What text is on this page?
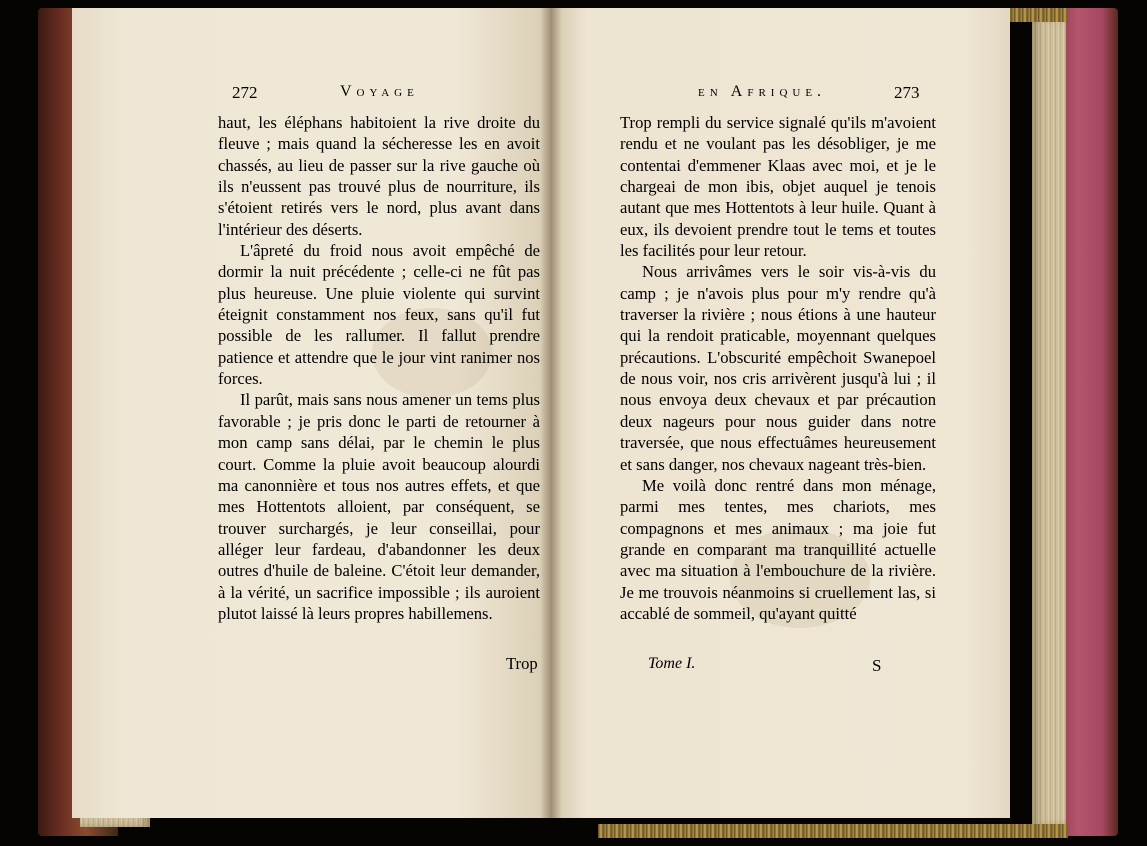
272	Voyage	en Afrique.	273

haut, les éléphans habitoient la rive droite du fleuve ; mais quand la sécheresse les en avoit chassés, au lieu de passer sur la rive gauche où ils n'eussent pas trouvé plus de nourriture, ils s'étoient retirés vers le nord, plus avant dans l'intérieur des déserts.

L'âpreté du froid nous avoit empêché de dormir la nuit précédente ; celle-ci ne fût pas plus heureuse. Une pluie violente qui survint éteignit constamment nos feux, sans qu'il fut possible de les rallumer. Il fallut prendre patience et attendre que le jour vint ranimer nos forces.

Il parût, mais sans nous amener un tems plus favorable ; je pris donc le parti de retourner à mon camp sans délai, par le chemin le plus court. Comme la pluie avoit beaucoup alourdi ma canonnière et tous nos autres effets, et que mes Hottentots alloient, par conséquent, se trouver surchargés, je leur conseillai, pour alléger leur fardeau, d'abandonner les deux outres d'huile de baleine. C'étoit leur demander, à la vérité, un sacrifice impossible ; ils auroient plutot laissé là leurs propres habillemens.

Trop

Trop rempli du service signalé qu'ils m'avoient rendu et ne voulant pas les désobliger, je me contentai d'emmener Klaas avec moi, et je le chargeai de mon ibis, objet auquel je tenois autant que mes Hottentots à leur huile. Quant à eux, ils devoient prendre tout le tems et toutes les facilités pour leur retour.

Nous arrivâmes vers le soir vis-à-vis du camp ; je n'avois plus pour m'y rendre qu'à traverser la rivière ; nous étions à une hauteur qui la rendoit praticable, moyennant quelques précautions. L'obscurité empêchoit Swanepoel de nous voir, nos cris arrivèrent jusqu'à lui ; il nous envoya deux chevaux et par précaution deux nageurs pour nous guider dans notre traversée, que nous effectuâmes heureusement et sans danger, nos chevaux nageant très-bien.

Me voilà donc rentré dans mon ménage, parmi mes tentes, mes chariots, mes compagnons et mes animaux ; ma joie fut grande en comparant ma tranquillité actuelle avec ma situation à l'embouchure de la rivière. Je me trouvois néanmoins si cruellement las, si accablé de sommeil, qu'ayant quitté

Tome I.	S
